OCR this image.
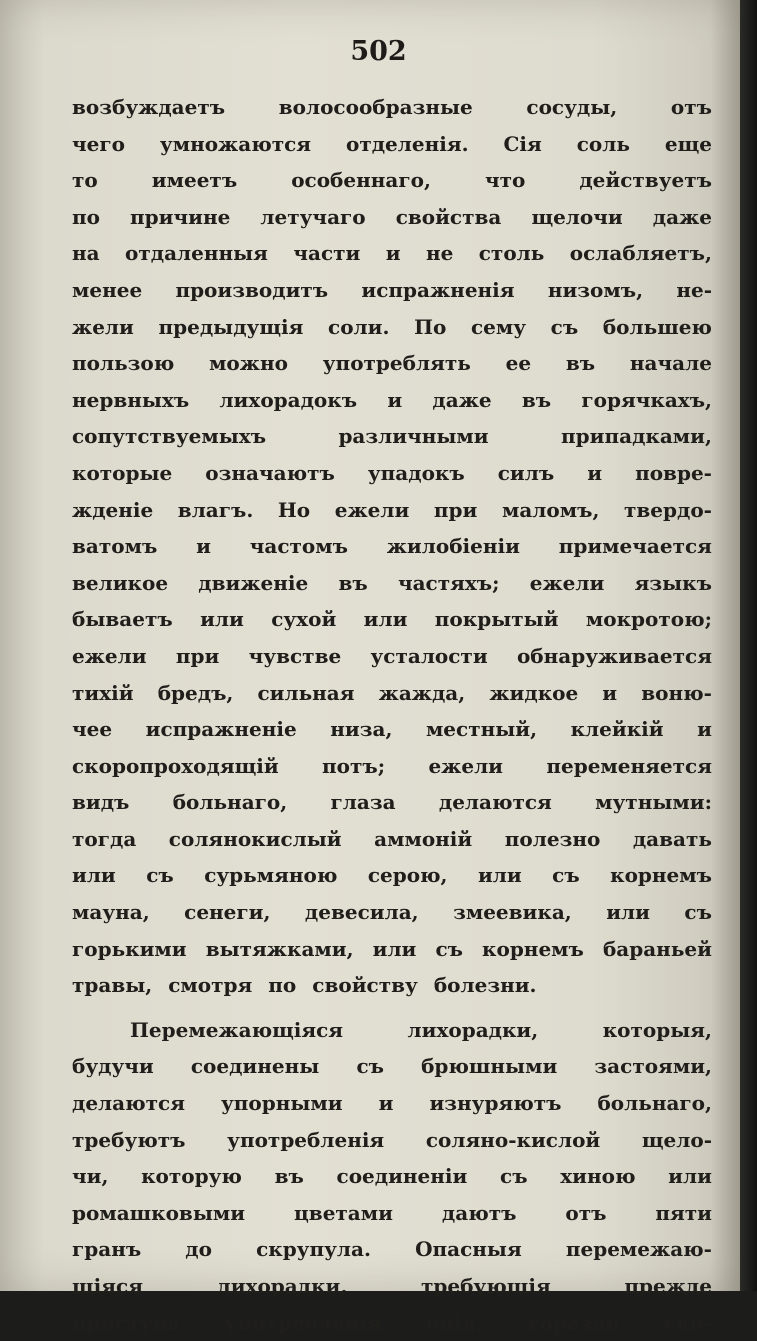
502
возбуждаетъ	волосообразные	сосуды,	отъ
чего умножаются отделенія. Сія соль еще
то	имеетъ	особеннаго,	что	действуетъ
по причине летучаго свойства щелочи даже
на отдаленныя части и не столь ослабляетъ,
менее производитъ испражненія низомъ, не-
жели предыдущія соли. По сему съ большею
пользою можно употреблять ее въ начале
нервныхъ лихорадокъ и даже въ горячкахъ,
сопутствуемыхъ	различными	припадками,
которые означаютъ упадокъ силъ и повре-
жденіе влагъ. Но ежели при маломъ, твердо-
ватомъ и частомъ жилобіеніи примечается
великое движеніе въ частяхъ; ежели языкъ
бываетъ или сухой или покрытый мокротою;
ежели при чувстве усталости обнаруживается
тихій бредъ, сильная жажда, жидкое и воню-
чее испражненіе низа, местный, клейкій и
скоропроходящій потъ; ежели переменяется
видъ больнаго, глаза делаются мутными:
тогда солянокислый аммоній полезно давать
или съ сурьмяною серою, или съ корнемъ
мауна, сенеги, девесила, змеевика, или съ
горькими вытяжками, или съ корнемъ бараньей
травы, смотря по свойству болезни.
Перемежающіяся	лихорадки,	которыя,
будучи соединены съ брюшными застоями,
делаются упорными и изнуряютъ больнаго,
требуютъ употребленія соляно-кислой щело-
чи, которую въ соединеніи съ хиною или
ромашковыми цветами даютъ отъ пяти
гранъ до скрупула. Опасныя перемежаю-
щіяся	лихорадки,	требующія	прежде
приступа употребленія опія, гораздо ско-
